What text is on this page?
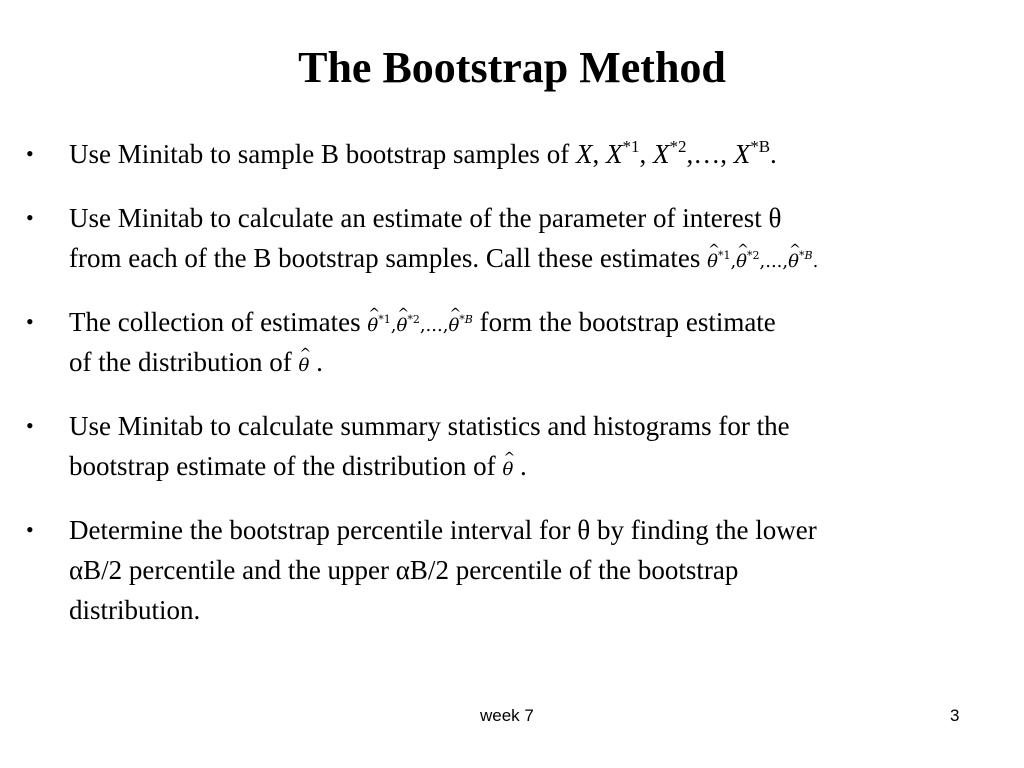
The Bootstrap Method
•	Use Minitab to sample B bootstrap samples of X, $X^{*1}$, $X^{*2},\dots$, $X^{*B}$.
•	Use Minitab to calculate an estimate of the parameter of interest θ
from each of the B bootstrap samples. Call these estimates ^ $\theta^{*1},\^{}$ $\theta^{*2},...,\^{}$ $\theta^{*B}$.
•	The collection of estimates ^ $\theta^{*1},\^{}$ $\theta^{*2},...,\^{}$ $\theta^{*B}$ form the bootstrap estimate
of the distribution of ^ θ .
•	Use Minitab to calculate summary statistics and histograms for the
bootstrap estimate of the distribution of ^ θ .
•	Determine the bootstrap percentile interval for θ by finding the lower
αB/2 percentile and the upper αB/2 percentile of the bootstrap
distribution.
week 7	3
